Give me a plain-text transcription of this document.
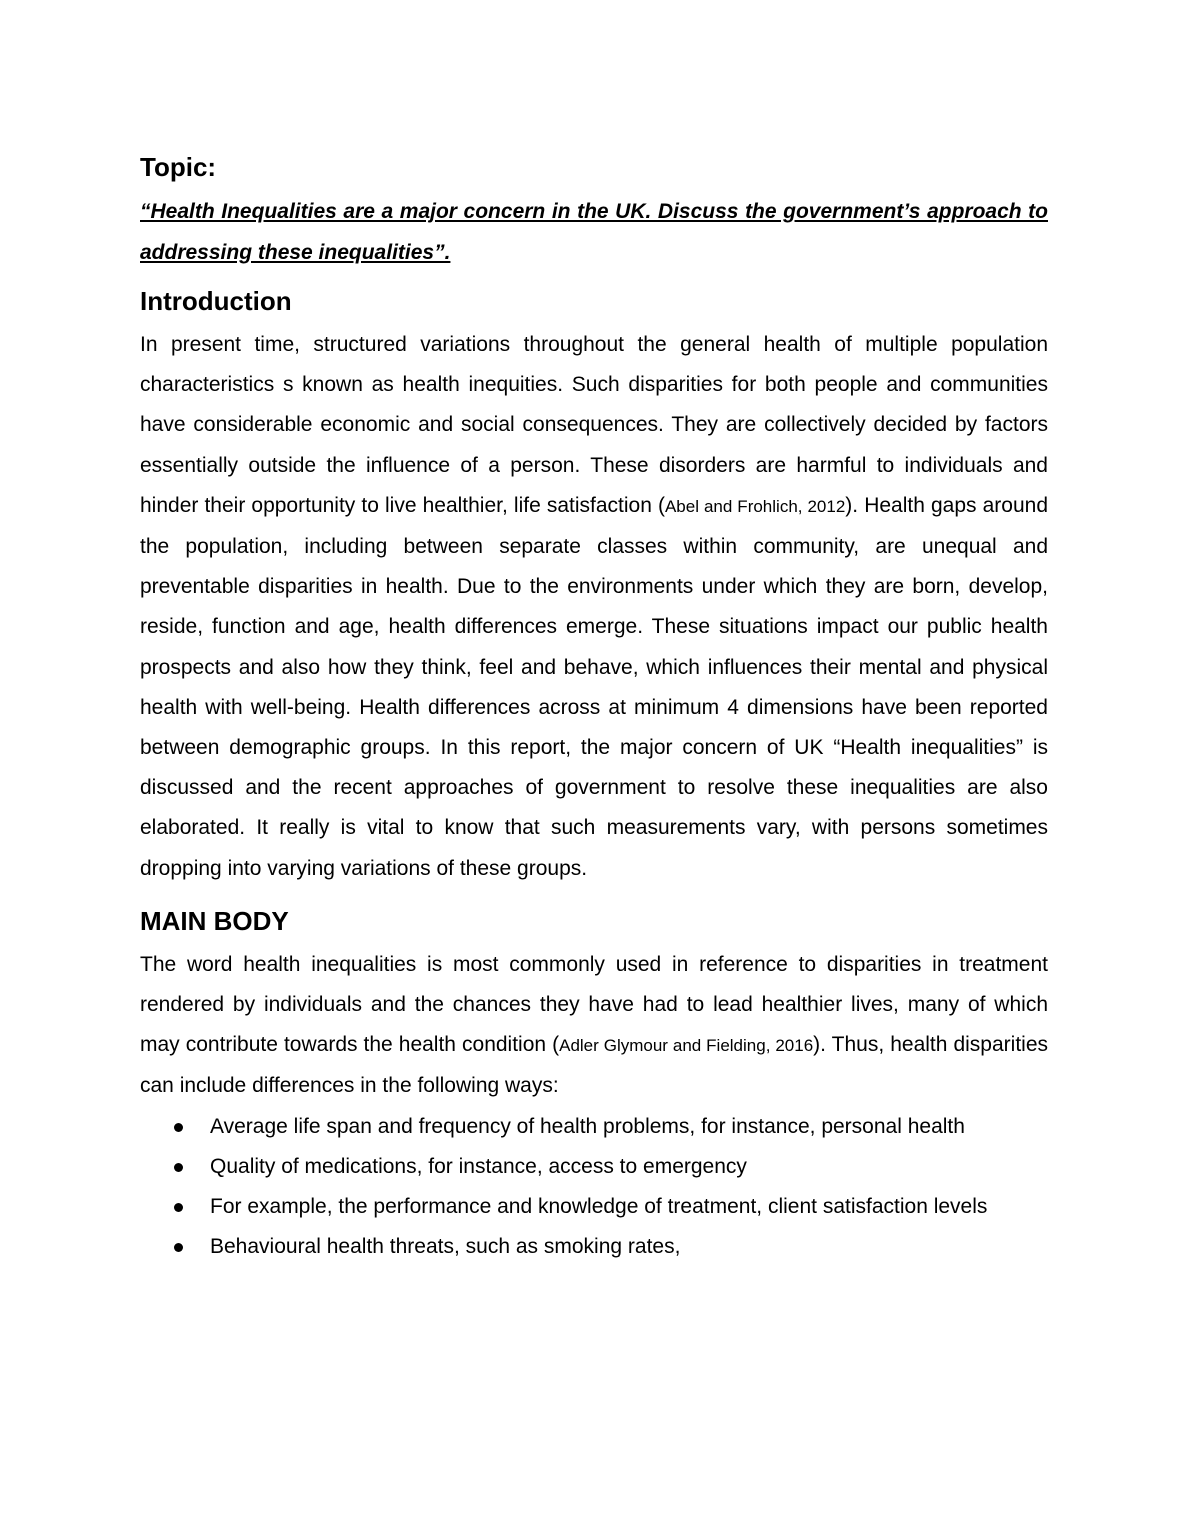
Topic:
“Health Inequalities are a major concern in the UK. Discuss the government’s approach to addressing these inequalities”.
Introduction

In present time, structured variations throughout the general health of multiple population characteristics s known as health inequities. Such disparities for both people and communities have considerable economic and social consequences. They are collectively decided by factors essentially outside the influence of a person. These disorders are harmful to individuals and hinder their opportunity to live healthier, life satisfaction (Abel and Frohlich, 2012). Health gaps around the population, including between separate classes within community, are unequal and preventable disparities in health. Due to the environments under which they are born, develop, reside, function and age, health differences emerge. These situations impact our public health prospects and also how they think, feel and behave, which influences their mental and physical health with well-being. Health differences across at minimum 4 dimensions have been reported between demographic groups. In this report, the major concern of UK “Health inequalities” is discussed and the recent approaches of government to resolve these inequalities are also elaborated. It really is vital to know that such measurements vary, with persons sometimes dropping into varying variations of these groups.

MAIN BODY

The word health inequalities is most commonly used in reference to disparities in treatment rendered by individuals and the chances they have had to lead healthier lives, many of which may contribute towards the health condition (Adler Glymour and Fielding, 2016). Thus, health disparities can include differences in the following ways:

Average life span and frequency of health problems, for instance, personal health
Quality of medications, for instance, access to emergency
For example, the performance and knowledge of treatment, client satisfaction levels
Behavioural health threats, such as smoking rates,
